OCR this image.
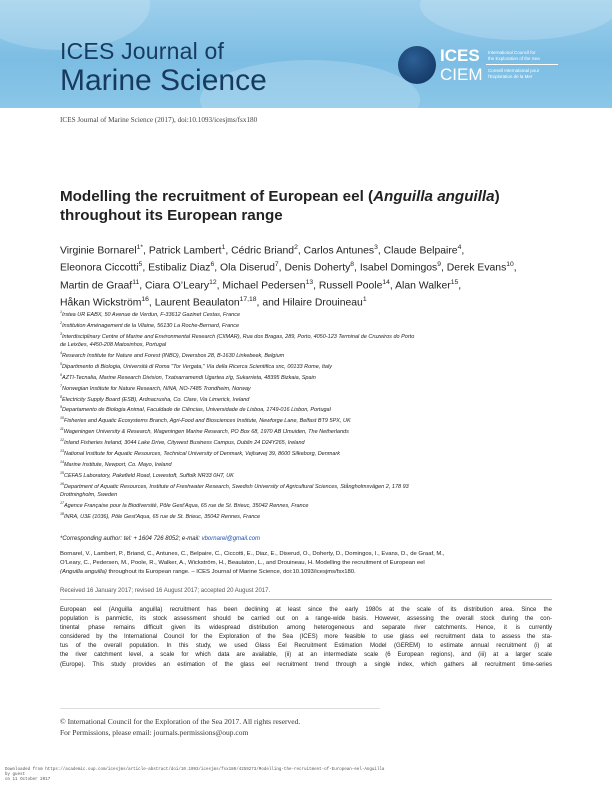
ICES Journal of
Marine Science
ICES
CIEM
International Council for
the Exploration of the Sea
Conseil International pour
l'Exploration de la Mer
ICES Journal of Marine Science (2017), doi:10.1093/icesjms/fsx180
Modelling the recruitment of European eel (Anguilla anguilla)
throughout its European range
Virginie Bornarel$^{1*}$, Patrick Lambert$^1$, Cédric Briand$^2$, Carlos Antunes$^3$, Claude Belpaire$^4$,
Eleonora Ciccotti$^5$, Estibaliz Diaz$^6$, Ola Diserud$^7$, Denis Doherty$^8$, Isabel Domingos$^9$, Derek Evans$^{10}$,
Martin de Graaf$^{11}$, Ciara O’Leary$^{12}$, Michael Pedersen$^{13}$, Russell Poole$^{14}$, Alan Walker$^{15}$,
Håkan Wickström$^{16}$, Laurent Beaulaton$^{17,18}$, and Hilaire Drouineau$^1$
$^1$Irstea UR EABX, 50 Avenue de Verdun, F-33612 Gazinet Cestas, France
$^2$Institution Aménagement de la Vilaine, 56130 La Roche-Bernard, France
$^3$Interdisciplinary Centre of Marine and Environmental Research (CIIMAR), Rua dos Bragas, 289, Porto, 4050-123 Terminal de Cruzeiros do Porto
de Leixões, 4450-208 Matosinhos, Portugal
$^4$Research Institute for Nature and Forest (INBO), Dwersbos 28, B-1630 Linkebeek, Belgium
$^5$Dipartimento di Biologia, Università di Roma "Tor Vergata," Via della Ricerca Scientifica snc, 00133 Rome, Italy
$^6$AZTI-Tecnalia, Marine Research Division, Txatxarramendi Ugartea z/g, Sukarrieta, 48395 Bizkaia, Spain
$^7$Norwegian Institute for Nature Research, NINA, NO-7485 Trondheim, Norway
$^8$Electricity Supply Board (ESB), Ardnacrusha, Co. Clare, Via Limerick, Ireland
$^9$Departamento de Biologia Animal, Faculdade de Ciências, Universidade de Lisboa, 1749-016 Lisbon, Portugal
$^{10}$Fisheries and Aquatic Ecosystems Branch, Agri-Food and Biosciences Institute, Newforge Lane, Belfast BT9 5PX, UK
$^{11}$Wageningen University & Research, Wageningen Marine Research, PO Box 68, 1970 AB IJmuiden, The Netherlands
$^{12}$Inland Fisheries Ireland, 3044 Lake Drive, Citywest Business Campus, Dublin 24 D24Y265, Ireland
$^{13}$National Institute for Aquatic Resources, Technical University of Denmark, Vejlsøvej 39, 8600 Silkeborg, Denmark
$^{14}$Marine Institute, Newport, Co. Mayo, Ireland
$^{15}$CEFAS Laboratory, Pakefield Road, Lowestoft, Suffolk NR33 0HT, UK
$^{16}$Department of Aquatic Resources, Institute of Freshwater Research, Swedish University of Agricultural Sciences, Stångholmsvägen 2, 178 93
Drottningholm, Sweden
$^{17}$Agence Française pour la Biodiversité, Pôle Gest'Aqua, 65 rue de St. Brieuc, 35042 Rennes, France
$^{18}$INRA, U3E (1036), Pôle Gest'Aqua, 65 rue de St. Brieuc, 35042 Rennes, France
*Corresponding author: tel: + 1604 726 8052; e-mail: vbornarel@gmail.com
Bornarel, V., Lambert, P., Briand, C., Antunes, C., Belpaire, C., Ciccotti, E., Diaz, E., Diserud, O., Doherty, D., Domingos, I., Evans, D., de Graaf, M.,
O’Leary, C., Pedersen, M., Poole, R., Walker, A., Wickström, H., Beaulaton, L., and Drouineau, H. Modelling the recruitment of European eel
(Anguilla anguilla) throughout its European range. – ICES Journal of Marine Science, doi:10.1093/icesjms/fsx180.
Received 16 January 2017; revised 16 August 2017; accepted 20 August 2017.
European eel (Anguilla anguilla) recruitment has been declining at least since the early 1980s at the scale of its distribution area. Since the
population is panmictic, its stock assessment should be carried out on a range-wide basis. However, assessing the overall stock during the con-
tinental phase remains difficult given its widespread distribution among heterogeneous and separate river catchments. Hence, it is currently
considered by the International Council for the Exploration of the Sea (ICES) more feasible to use glass eel recruitment data to assess the sta-
tus of the overall population. In this study, we used Glass Eel Recruitment Estimation Model (GEREM) to estimate annual recruitment (i) at
the river catchment level, a scale for which data are available, (ii) at an intermediate scale (6 European regions), and (iii) at a larger scale
(Europe). This study provides an estimation of the glass eel recruitment trend through a single index, which gathers all recruitment time-series
© International Council for the Exploration of the Sea 2017. All rights reserved.
For Permissions, please email: journals.permissions@oup.com
Downloaded from https://academic.oup.com/icesjms/article-abstract/doi/10.1093/icesjms/fsx180/4259273/Modelling-the-recruitment-of-European-eel-Anguilla
by guest
on 11 October 2017
